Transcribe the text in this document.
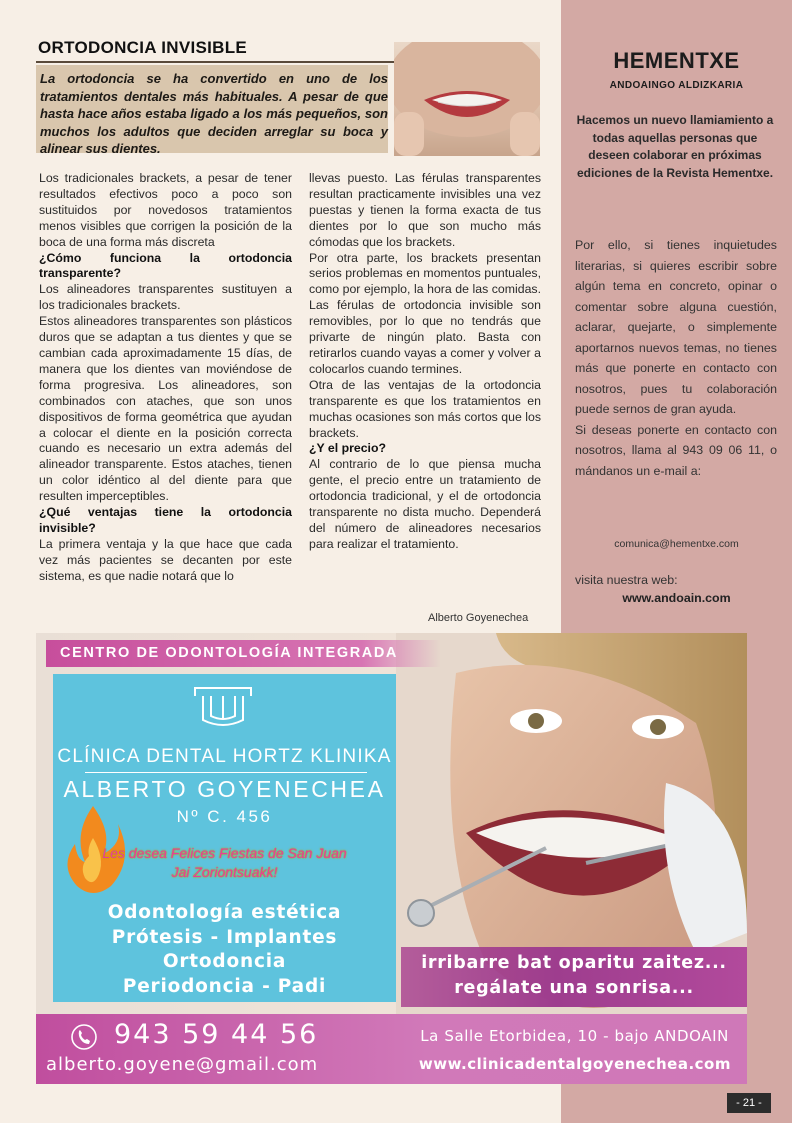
ORTODONCIA INVISIBLE

La ortodoncia se ha convertido en uno de los tratamientos dentales más habituales. A pesar de que hasta hace años estaba ligado a los más pequeños, son muchos los adultos que deciden arreglar su boca y alinear sus dientes.

Los tradicionales brackets, a pesar de tener resultados efectivos poco a poco son sustituidos por novedosos tratamientos menos visibles que corrigen la posición de la boca de una forma más discreta

¿Cómo funciona la ortodoncia transparente?

Los alineadores transparentes sustituyen a los tradicionales brackets.

Estos alineadores transparentes son plásticos duros que se adaptan a tus dientes y que se cambian cada aproximadamente 15 días, de manera que los dientes van moviéndose de forma progresiva. Los alineadores, son combinados con ataches, que son unos dispositivos de forma geométrica que ayudan a colocar el diente en la posición correcta cuando es necesario un extra además del alineador transparente. Estos ataches, tienen un color idéntico al del diente para que resulten imperceptibles.

¿Qué ventajas tiene la ortodoncia invisible?

La primera ventaja y la que hace que cada vez más pacientes se decanten por este sistema, es que nadie notará que lo

llevas puesto. Las férulas transparentes resultan practicamente invisibles una vez puestas y tienen la forma exacta de tus dientes por lo que son mucho más cómodas que los brackets.

Por otra parte, los brackets presentan serios problemas en momentos puntuales, como por ejemplo, la hora de las comidas. Las férulas de ortodoncia invisible son removibles, por lo que no tendrás que privarte de ningún plato. Basta con retirarlos cuando vayas a comer y volver a colocarlos cuando termines.

Otra de las ventajas de la ortodoncia transparente es que los tratamientos en muchas ocasiones son más cortos que los brackets.

¿Y el precio?

Al contrario de lo que piensa mucha gente, el precio entre un tratamiento de ortodoncia tradicional, y el de ortodoncia transparente no dista mucho. Dependerá del número de alineadores necesarios para realizar el tratamiento.

Alberto Goyenechea
HEMENTXE
ANDOAINGO ALDIZKARIA
Hacemos un nuevo llamiamiento a todas aquellas personas que deseen colaborar en próximas ediciones de la Revista Hementxe.

Por ello, si tienes inquietudes literarias, si quieres escribir sobre algún tema en concreto, opinar o comentar sobre alguna cuestión, aclarar, quejarte, o simplemente aportarnos nuevos temas, no tienes más que ponerte en contacto con nosotros, pues tu colaboración puede sernos de gran ayuda.

Si deseas ponerte en contacto con nosotros, llama al 943 09 06 11, o mándanos un e-mail a:

comunica@hementxe.com
visita nuestra web:
www.andoain.com
CENTRO DE ODONTOLOGÍA INTEGRADA
CLÍNICA DENTAL HORTZ KLINIKA
ALBERTO GOYENECHEA
Nº C. 456
Les desea Felices Fiestas de San Juan
Jai Zoriontsuakk!
Odontología estética
Prótesis - Implantes
Ortodoncia
Periodoncia - Padi
irribarre bat oparitu zaitez...
regálate una sonrisa...
943 59 44 56
alberto.goyene@gmail.com
La Salle Etorbidea, 10 - bajo ANDOAIN
www.clinicadentalgoyenechea.com
- 21 -
